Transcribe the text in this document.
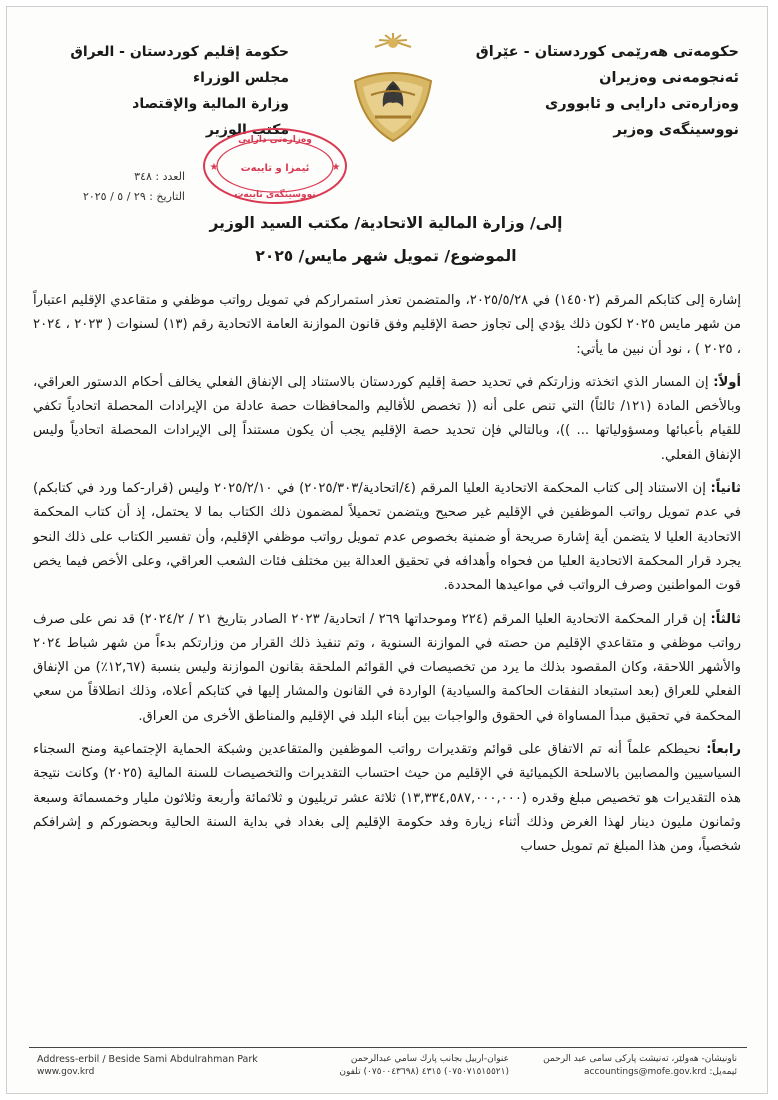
حکومەتی هەرێمی کوردستان - عێراق
ئەنجومەنی وەزیران
وەزارەتی دارایی و ئابووری
نووسینگەی وەزیر
حكومة إقليم كوردستان - العراق
مجلس الوزراء
وزارة المالية والإقتصاد
مكتب الوزير
وەزارەتی دارایی
ئیمزا و تایبەت
نووسینگەی تایبەت
★	★
العدد : ٣٤٨
التاريخ : ٢٩ / ٥ / ٢٠٢٥
إلى/ وزارة المالية الاتحادية/ مكتب السيد الوزير
الموضوع/ تمويل شهر مايس/ ٢٠٢٥

إشارة إلى كتابكم المرقم (١٤٥٠٢) في ٢٠٢٥/٥/٢٨، والمتضمن تعذر استمراركم في تمويل رواتب موظفي و متقاعدي الإقليم اعتباراً من شهر مايس ٢٠٢٥ لكون ذلك يؤدي إلى تجاوز حصة الإقليم وفق قانون الموازنة العامة الاتحادية رقم (١٣) لسنوات ( ٢٠٢٣ ، ٢٠٢٤ ، ٢٠٢٥ ) ، نود أن نبين ما يأتي:

أولاً: إن المسار الذي اتخذته وزارتكم في تحديد حصة إقليم كوردستان بالاستناد إلى الإنفاق الفعلي يخالف أحكام الدستور العراقي، وبالأخص المادة (١٢١/ ثالثاً) التي تنص على أنه (( تخصص للأقاليم والمحافظات حصة عادلة من الإيرادات المحصلة اتحادياً تكفي للقيام بأعبائها ومسؤولياتها ... ))، وبالتالي فإن تحديد حصة الإقليم يجب أن يكون مستنداً إلى الإيرادات المحصلة اتحادياً وليس الإنفاق الفعلي.

ثانياً: إن الاستناد إلى كتاب المحكمة الاتحادية العليا المرقم (٤/اتحادية/٢٠٢٥/٣٠٣) في ٢٠٢٥/٢/١٠ وليس (قرار-كما ورد في كتابكم) في عدم تمويل رواتب الموظفين في الإقليم غير صحيح ويتضمن تحميلاً لمضمون ذلك الكتاب بما لا يحتمل، إذ أن كتاب المحكمة الاتحادية العليا لا يتضمن أية إشارة صريحة أو ضمنية بخصوص عدم تمويل رواتب موظفي الإقليم، وأن تفسير الكتاب على ذلك النحو يجرد قرار المحكمة الاتحادية العليا من فحواه وأهدافه في تحقيق العدالة بين مختلف فئات الشعب العراقي، وعلى الأخص فيما يخص قوت المواطنين وصرف الرواتب في مواعيدها المحددة.

ثالثاً: إن قرار المحكمة الاتحادية العليا المرقم (٢٢٤ وموحداتها ٢٦٩ / اتحادية/ ٢٠٢٣ الصادر بتاريخ ٢١ / ٢٠٢٤/٢) قد نص على صرف رواتب موظفي و متقاعدي الإقليم من حصته في الموازنة السنوية ، وتم تنفيذ ذلك القرار من وزارتكم بدءاً من شهر شباط ٢٠٢٤ والأشهر اللاحقة، وكان المقصود بذلك ما يرد من تخصيصات في القوائم الملحقة بقانون الموازنة وليس بنسبة (١٢,٦٧٪) من الإنفاق الفعلي للعراق (بعد استبعاد النفقات الحاكمة والسيادية) الواردة في القانون والمشار إليها في كتابكم أعلاه، وذلك انطلاقاً من سعي المحكمة في تحقيق مبدأ المساواة في الحقوق والواجبات بين أبناء البلد في الإقليم والمناطق الأخرى من العراق.

رابعاً: نحيطكم علماً أنه تم الاتفاق على قوائم وتقديرات رواتب الموظفين والمتقاعدين وشبكة الحماية الإجتماعية ومنح السجناء السياسيين والمصابين بالاسلحة الكيميائية في الإقليم من حيث احتساب التقديرات والتخصيصات للسنة المالية (٢٠٢٥) وكانت نتيجة هذه التقديرات هو تخصيص مبلغ وقدره (١٣,٣٣٤,٥٨٧,٠٠٠,٠٠٠) ثلاثة عشر تريليون و ثلاثمائة وأربعة وثلاثون مليار وخمسمائة وسبعة وثمانون مليون دينار لهذا الغرض وذلك أثناء زيارة وفد حكومة الإقليم إلى بغداد في بداية السنة الحالية وبحضوركم و إشرافكم شخصياً، ومن هذا المبلغ تم تمويل حساب

Address-erbil / Beside Sami Abdulrahman Park
www.gov.krd
عنوان-اربيل بجانب پارك سامي عبدالرحمن
(٠٧٥٠٧١٥١٥٥٢١) ٤٣١٥ (٠٧٥٠٠٤٣٦٩٨) تلفون
ناونیشان- هەولێر، تەنیشت پارکی سامی عبد الرحمن
ئیمەیل: accountings@mofe.gov.krd
